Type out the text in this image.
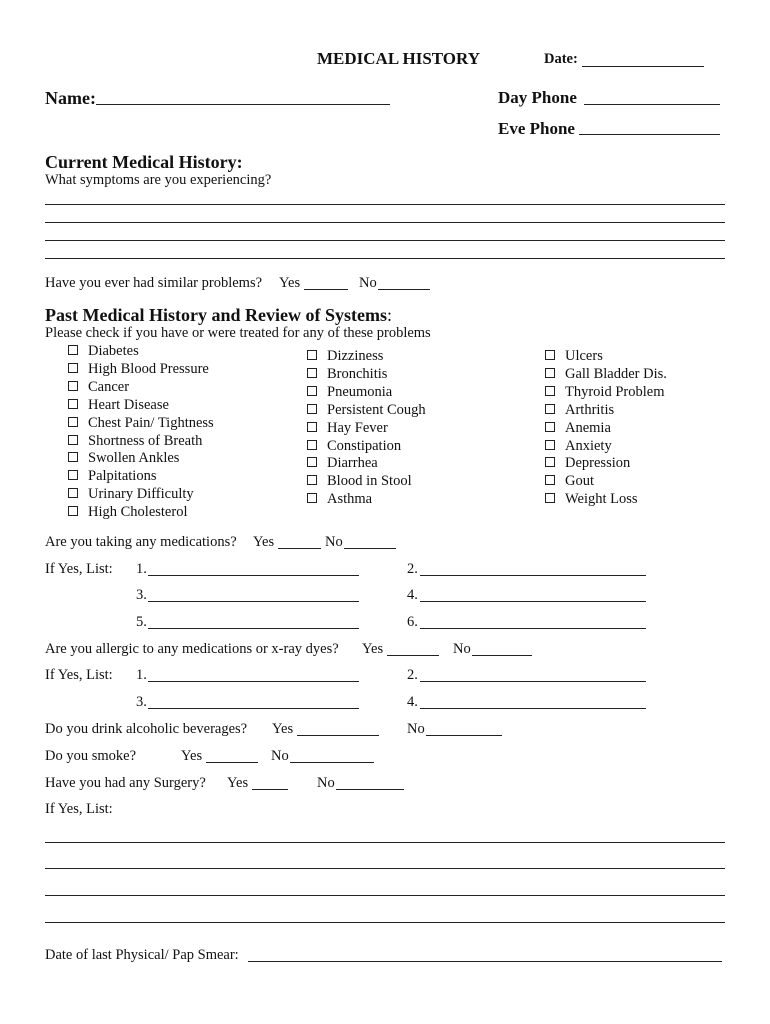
MEDICAL HISTORY	Date:
Name:	Day Phone
Eve Phone
Current Medical History:
What symptoms are you experiencing?
Have you ever had similar problems? Yes	No
Past Medical History and Review of Systems:
Please check if you have or were treated for any of these problems
Diabetes
High Blood Pressure
Cancer
Heart Disease
Chest Pain/ Tightness
Shortness of Breath
Swollen Ankles
Palpitations
Urinary Difficulty
High Cholesterol
Dizziness
Bronchitis
Pneumonia
Persistent Cough
Hay Fever
Constipation
Diarrhea
Blood in Stool
Asthma
Ulcers
Gall Bladder Dis.
Thyroid Problem
Arthritis
Anemia
Anxiety
Depression
Gout
Weight Loss
Are you taking any medications? Yes	No
If Yes, List: 1.	2.
3.	4.
5.	6.
Are you allergic to any medications or x-ray dyes? Yes	No
If Yes, List: 1.	2.
3.	4.
Do you drink alcoholic beverages? Yes	No
Do you smoke?	Yes	No
Have you had any Surgery? Yes	No
If Yes, List:
Date of last Physical/ Pap Smear:
